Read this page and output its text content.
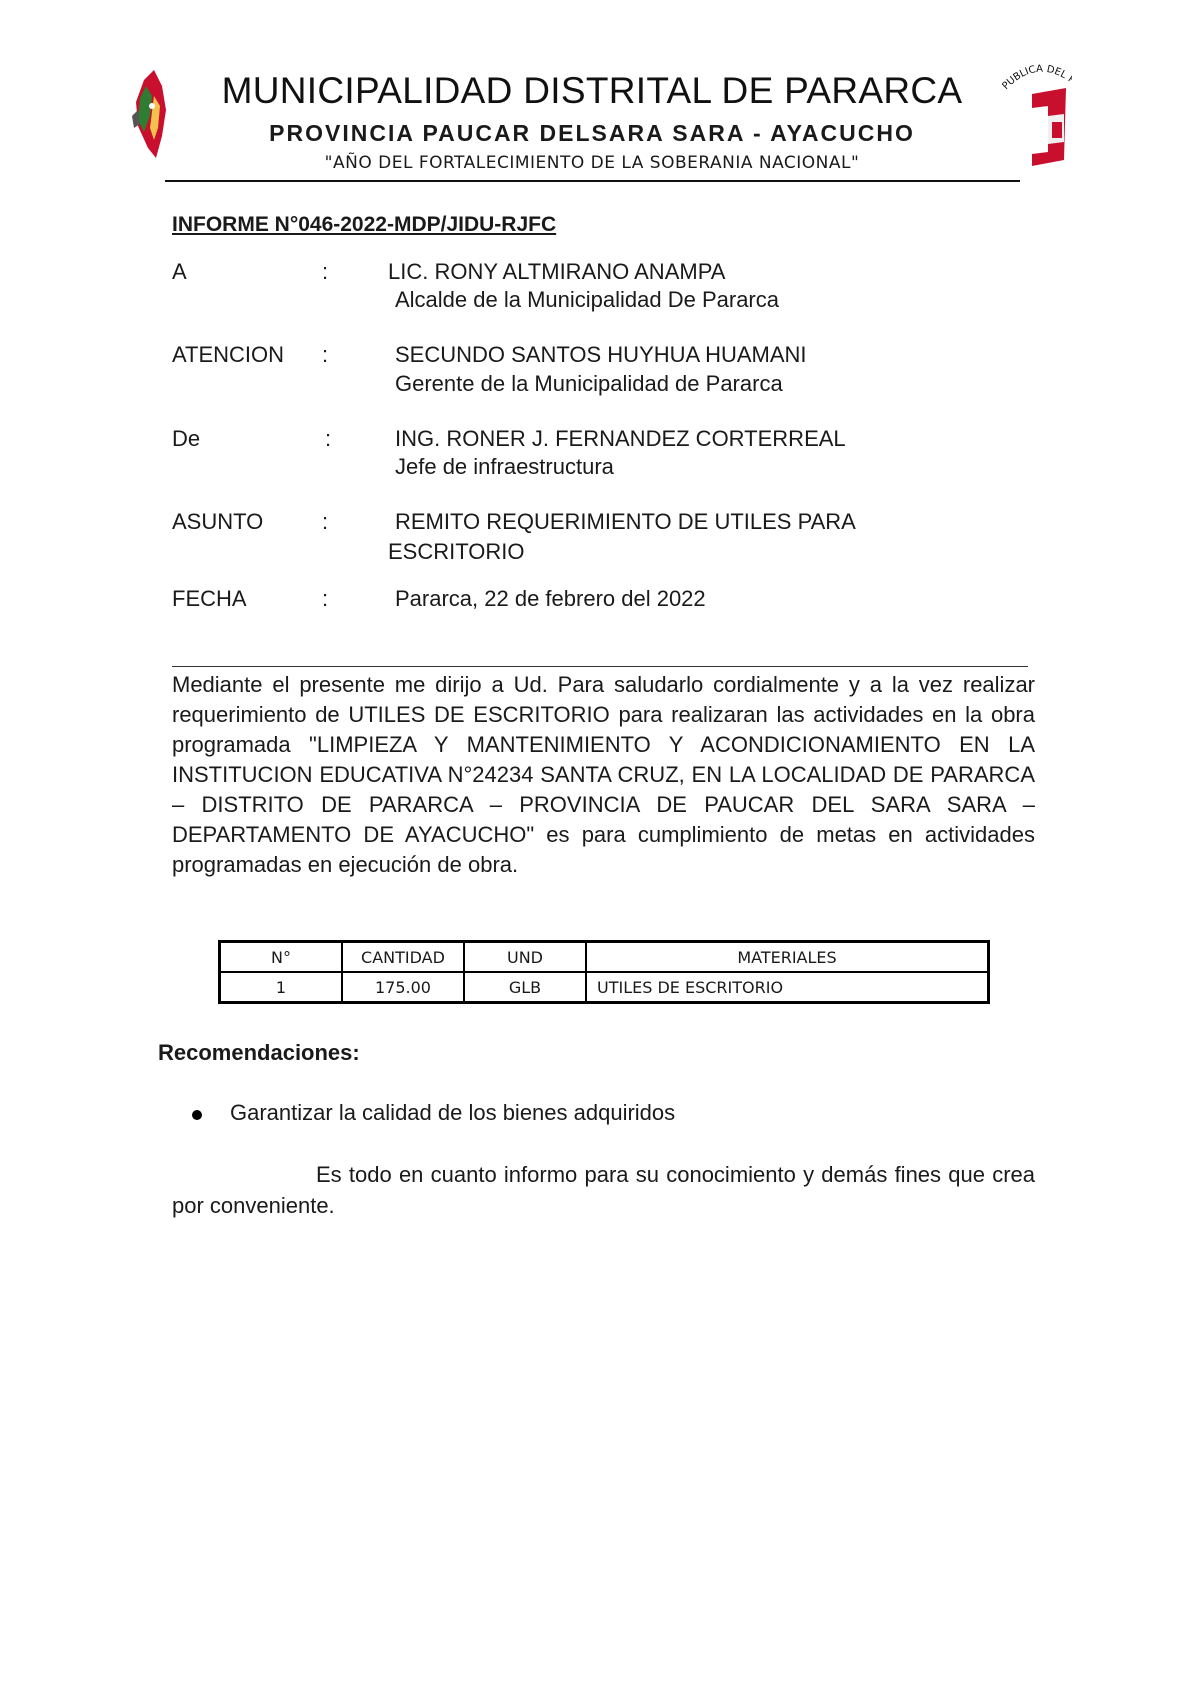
UBLICA DEL
MUNICIPALIDAD DISTRITAL DE PARARCA
PROVINCIA PAUCAR DELSARA SARA - AYACUCHO
"AÑO DEL FORTALECIMIENTO DE LA SOBERANIA NACIONAL"
INFORME N°046-2022-MDP/JIDU-RJFC
A	:	LIC. RONY ALTMIRANO ANAMPA
Alcalde de la Municipalidad De Pararca
ATENCION :	SECUNDO SANTOS HUYHUA HUAMANI
Gerente de la Municipalidad de Pararca
De	:	ING. RONER J. FERNANDEZ CORTERREAL
Jefe de infraestructura
ASUNTO	:	REMITO REQUERIMIENTO DE UTILES PARA
ESCRITORIO
FECHA	:	Pararca, 22 de febrero del 2022
Mediante el presente me dirijo a Ud. Para saludarlo cordialmente y a la vez realizar requerimiento de UTILES DE ESCRITORIO para realizaran las actividades en la obra programada "LIMPIEZA Y MANTENIMIENTO Y ACONDICIONAMIENTO EN LA INSTITUCION EDUCATIVA N°24234 SANTA CRUZ, EN LA LOCALIDAD DE PARARCA – DISTRITO DE PARARCA – PROVINCIA DE PAUCAR DEL SARA SARA – DEPARTAMENTO DE AYACUCHO" es para cumplimiento de metas en actividades programadas en ejecución de obra.
N°	CANTIDAD	UND	MATERIALES
1	175.00	GLB	UTILES DE ESCRITORIO
Recomendaciones:
Garantizar la calidad de los bienes adquiridos
Es todo en cuanto informo para su conocimiento y demás fines que crea por conveniente.
